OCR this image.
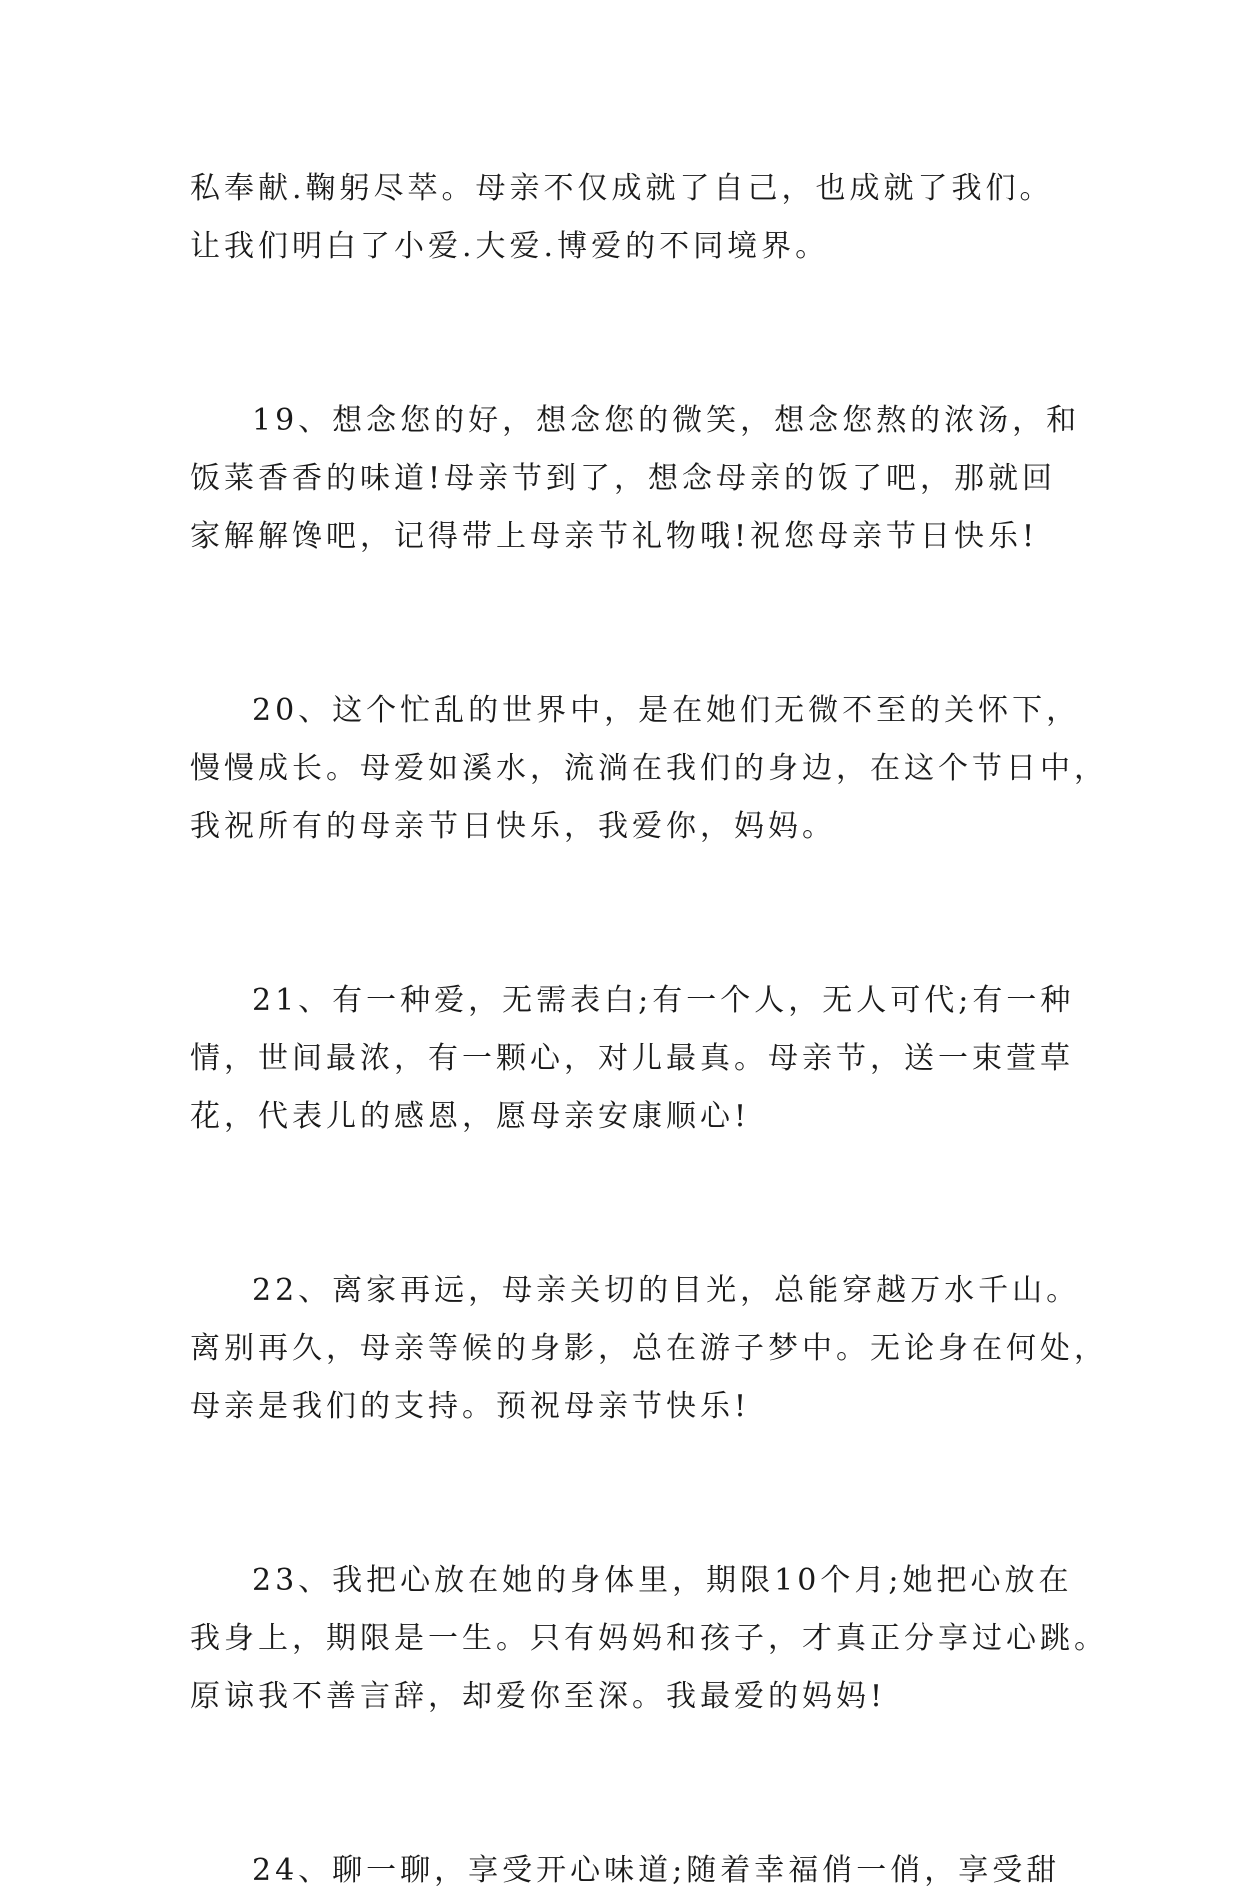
私奉献.鞠躬尽萃。母亲不仅成就了自己，也成就了我们。
让我们明白了小爱.大爱.博爱的不同境界。
19、想念您的好，想念您的微笑，想念您熬的浓汤，和
饭菜香香的味道!母亲节到了，想念母亲的饭了吧，那就回
家解解馋吧，记得带上母亲节礼物哦!祝您母亲节日快乐!
20、这个忙乱的世界中，是在她们无微不至的关怀下，
慢慢成长。母爱如溪水，流淌在我们的身边，在这个节日中，
我祝所有的母亲节日快乐，我爱你，妈妈。
21、有一种爱，无需表白;有一个人，无人可代;有一种
情，世间最浓，有一颗心，对儿最真。母亲节，送一束萱草
花，代表儿的感恩，愿母亲安康顺心!
22、离家再远，母亲关切的目光，总能穿越万水千山。
离别再久，母亲等候的身影，总在游子梦中。无论身在何处，
母亲是我们的支持。预祝母亲节快乐!
23、我把心放在她的身体里，期限10个月;她把心放在
我身上，期限是一生。只有妈妈和孩子，才真正分享过心跳。
原谅我不善言辞，却爱你至深。我最爱的妈妈!
24、聊一聊，享受开心味道;随着幸福俏一俏，享受甜
